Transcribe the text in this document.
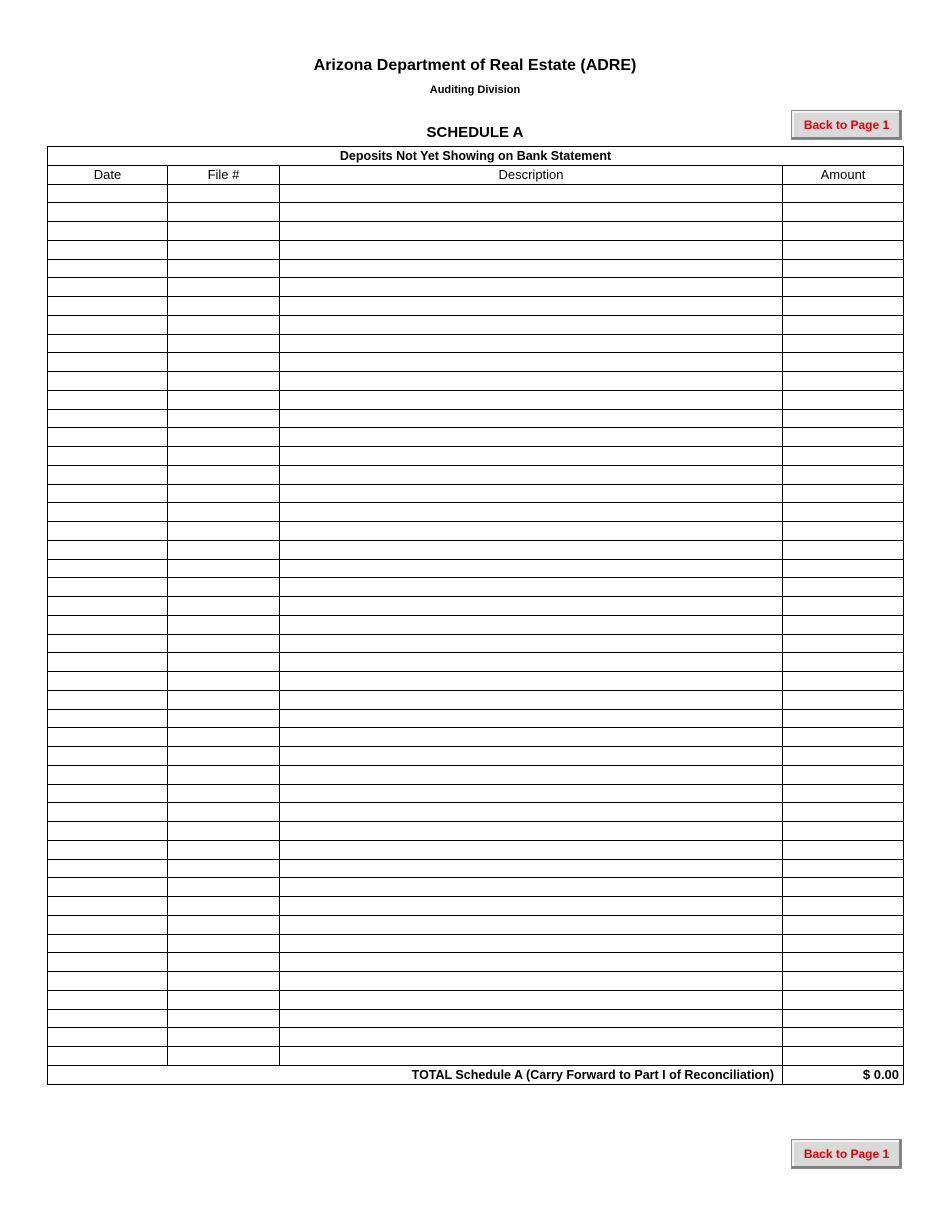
Arizona Department of Real Estate (ADRE)
Auditing Division
SCHEDULE A	Back to Page 1
Deposits Not Yet Showing on Bank Statement			
Date	File #	Description	Amount

TOTAL Schedule A (Carry Forward to Part I of Reconciliation)			$ 0.00
Back to Page 1
